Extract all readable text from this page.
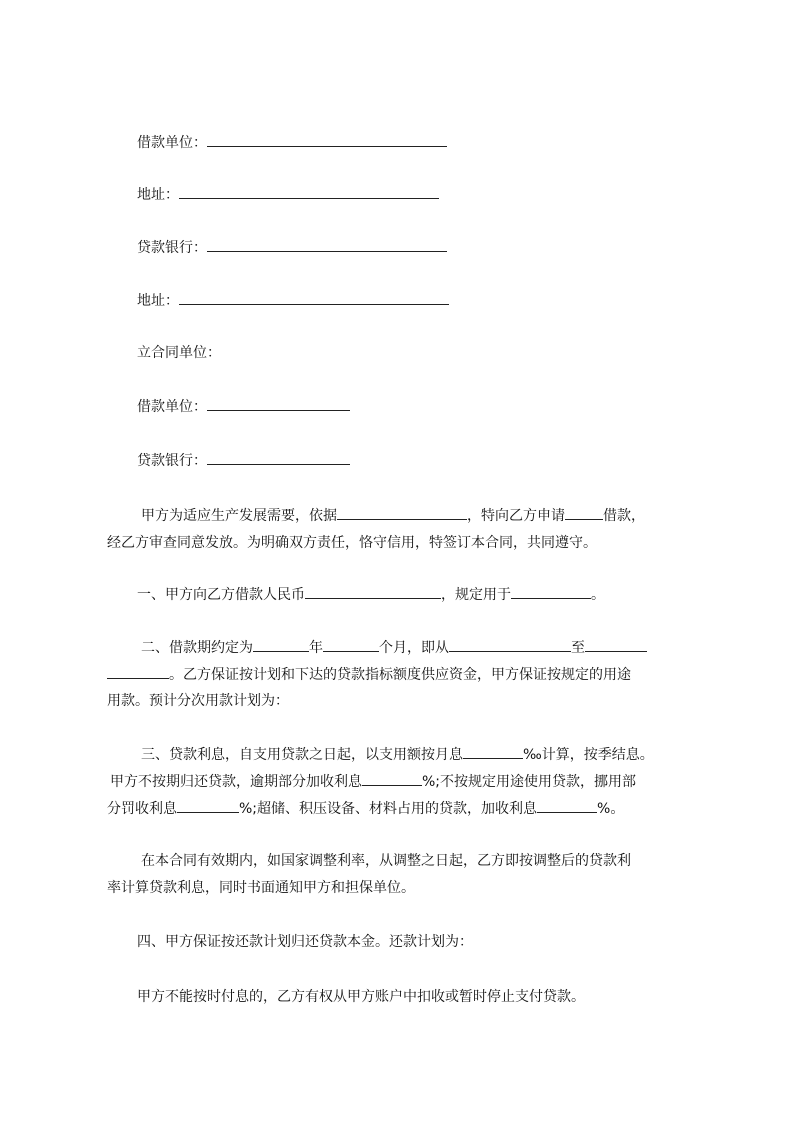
借款单位：

地址：

贷款银行：

地址：

立合同单位：

借款单位：

贷款银行：

甲方为适应生产发展需要，依据	，特向乙方申请	借款，

经乙方审查同意发放。为明确双方责任，恪守信用，特签订本合同，共同遵守。

一、甲方向乙方借款人民币	，规定用于	。

二、借款期约定为	年	个月，即从	至

。乙方保证按计划和下达的贷款指标额度供应资金，甲方保证按规定的用途

用款。预计分次用款计划为：

三、贷款利息，自支用贷款之日起，以支用额按月息	‰计算，按季结息。

甲方不按期归还贷款，逾期部分加收利息	%;不按规定用途使用贷款，挪用部

分罚收利息	%;超储、积压设备、材料占用的贷款，加收利息	%。

在本合同有效期内，如国家调整利率，从调整之日起，乙方即按调整后的贷款利

率计算贷款利息，同时书面通知甲方和担保单位。

四、甲方保证按还款计划归还贷款本金。还款计划为：

甲方不能按时付息的，乙方有权从甲方账户中扣收或暂时停止支付贷款。
